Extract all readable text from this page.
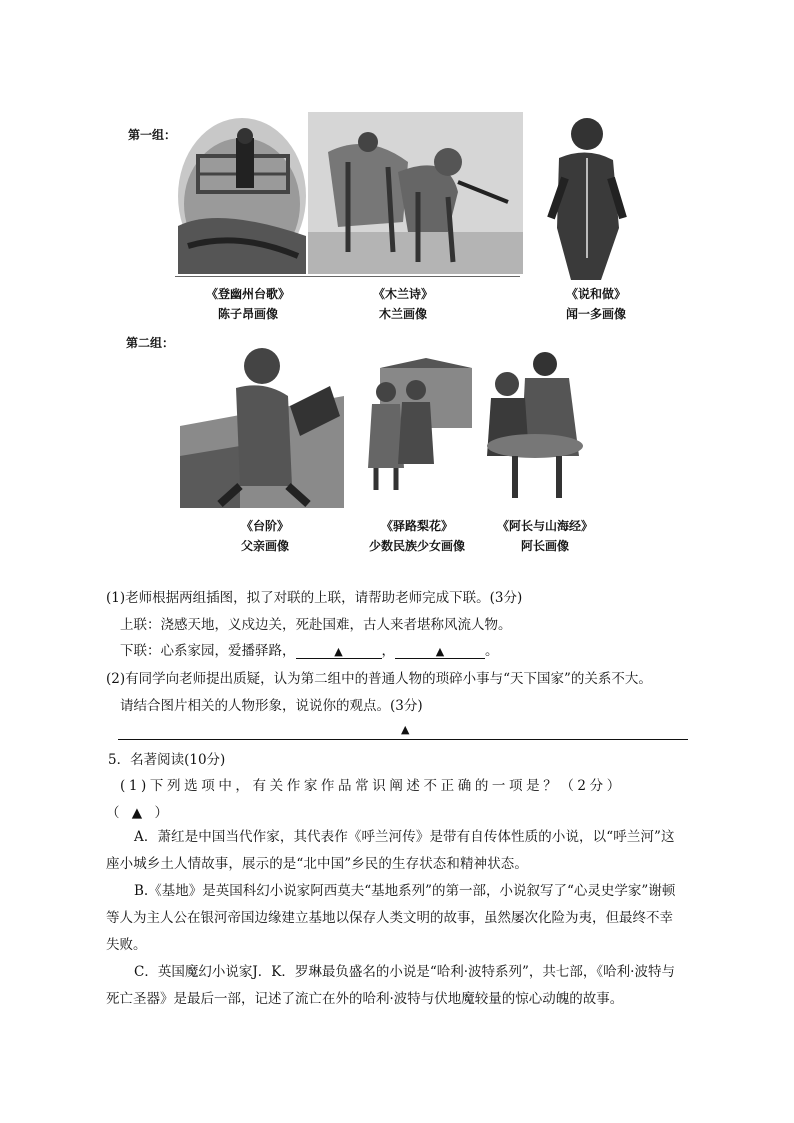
第一组：
《登幽州台歌》
陈子昂画像
《木兰诗》
木兰画像
《说和做》
闻一多画像
第二组：
《台阶》
父亲画像
《驿路梨花》
少数民族少女画像
《阿长与山海经》
阿长画像
(1)老师根据两组插图，拟了对联的上联，请帮助老师完成下联。(3分)
上联：浇感天地，义戍边关，死赴国难，古人来者堪称风流人物。
下联：心系家园，爱播驿路，	▲	，	▲	。
(2)有同学向老师提出质疑，认为第二组中的普通人物的琐碎小事与“天下国家”的关系不大。
请结合图片相关的人物形象，说说你的观点。(3分)
▲
5．名著阅读(10分)
(1)下列选项中，有关作家作品常识阐述不正确的一项是？（2分）
（ ▲ ）
A．萧红是中国当代作家，其代表作《呼兰河传》是带有自传体性质的小说，以“呼兰河”这座小城乡土人情故事，展示的是“北中国”乡民的生存状态和精神状态。
B.《基地》是英国科幻小说家阿西莫夫“基地系列”的第一部，小说叙写了“心灵史学家”谢顿等人为主人公在银河帝国边缘建立基地以保存人类文明的故事，虽然屡次化险为夷，但最终不幸失败。
C．英国魔幻小说家J．K．罗琳最负盛名的小说是“哈利·波特系列”，共七部，《哈利·波特与死亡圣器》是最后一部，记述了流亡在外的哈利·波特与伏地魔较量的惊心动魄的故事。
